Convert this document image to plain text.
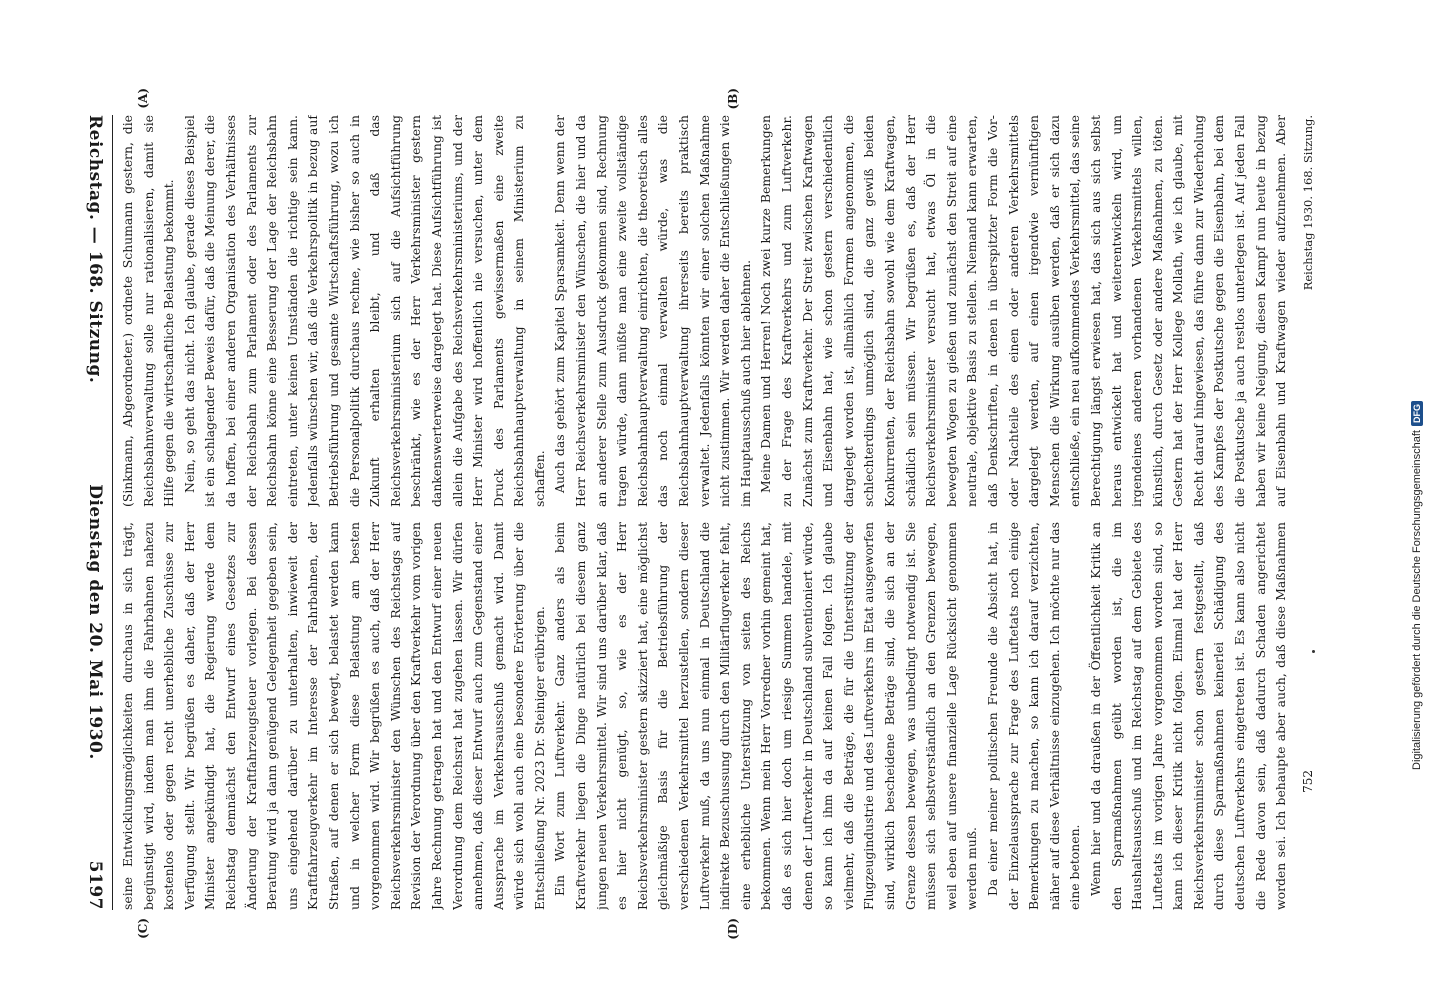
Reichstag. — 168. Sitzung.
Dienstag den 20. Mai 1930.
5197

(Sinkmann, Abgeordneter.) ordnete Schumann gestern, die Reichsbahnverwaltung solle nur rationalisieren, damit sie Hilfe gegen die wirtschaftliche Belastung bekommt. Nein, so geht das nicht. Ich glaube, gerade dieses Beispiel ist ein schlagender Beweis dafür, daß die Meinung derer, die da hoffen, bei einer anderen Organisation des Verhältnisses der Reichsbahn zum Parlament oder des Parlaments zur Reichsbahn könne eine Besserung der Lage der Reichsbahn eintreten, unter keinen Umständen die richtige sein kann. Jedenfalls wünschen wir, daß die Verkehrspolitik in bezug auf Betriebsführung und gesamte Wirtschaftsführung, wozu ich die Personalpolitik durchaus rechne, wie bisher so auch in Zukunft erhalten bleibt, und daß das Reichsverkehrsministerium sich auf die Aufsichtführung beschränkt, wie es der Herr Verkehrsminister gestern dankenswerterweise dargelegt hat. Diese Aufsichtführung ist allein die Aufgabe des Reichsverkehrsministeriums, und der Herr Minister wird hoffentlich nie versuchen, unter dem Druck des Parlaments gewissermaßen eine zweite Reichsbahnhauptverwaltung in seinem Ministerium zu schaffen. Auch das gehört zum Kapitel Sparsamkeit. Denn wenn der Herr Reichsverkehrsminister den Wünschen, die hier und da an anderer Stelle zum Ausdruck gekommen sind, Rechnung tragen würde, dann müßte man eine zweite vollständige Reichsbahnhauptverwaltung einrichten, die theoretisch alles das noch einmal verwalten würde, was die Reichsbahnhauptverwaltung ihrerseits bereits praktisch verwaltet. Jedenfalls könnten wir einer solchen Maßnahme nicht zustimmen. Wir werden daher die Entschließungen wie im Hauptausschuß auch hier ablehnen. Meine Damen und Herren! Noch zwei kurze Bemerkungen zu der Frage des Kraftverkehrs und zum Luftverkehr. Zunächst zum Kraftverkehr. Der Streit zwischen Kraftwagen und Eisenbahn hat, wie schon gestern verschiedentlich dargelegt worden ist, allmählich Formen angenommen, die schlechterdings unmöglich sind, die ganz gewiß beiden Konkurrenten, der Reichsbahn sowohl wie dem Kraftwagen, schädlich sein müssen. Wir begrüßen es, daß der Herr Reichsverkehrsminister versucht hat, etwas Öl in die bewegten Wogen zu gießen und zunächst den Streit auf eine neutrale, objektive Basis zu stellen. Niemand kann erwarten, daß Denkschriften, in denen in überspitzter Form die Vor- oder Nachteile des einen oder anderen Verkehrsmittels dargelegt werden, auf einen irgendwie vernünftigen Menschen die Wirkung ausüben werden, daß er sich dazu entschließe, ein neu aufkommendes Verkehrsmittel, das seine Berechtigung längst erwiesen hat, das sich aus sich selbst heraus entwickelt hat und weiterentwickeln wird, um irgendeines anderen vorhandenen Verkehrsmittels willen, künstlich, durch Gesetz oder andere Maßnahmen, zu töten. Gestern hat der Herr Kollege Mollath, wie ich glaube, mit Recht darauf hingewiesen, das führe dann zur Wiederholung des Kampfes der Postkutsche gegen die Eisenbahn, bei dem die Postkutsche ja auch restlos unterlegen ist. Auf jeden Fall haben wir keine Neigung, diesen Kampf nun heute in bezug auf Eisenbahn und Kraftwagen wieder aufzunehmen. Aber

seine Entwicklungsmöglichkeiten durchaus in sich trägt, begünstigt wird, indem man ihm die Fahrbahnen nahezu kostenlos oder gegen recht unerhebliche Zuschüsse zur Verfügung stellt. Wir begrüßen es daher, daß der Herr Minister angekündigt hat, die Regierung werde dem Reichstag demnächst den Entwurf eines Gesetzes zur Änderung der Kraftfahrzeugsteuer vorlegen. Bei dessen Beratung wird ja dann genügend Gelegenheit gegeben sein, uns eingehend darüber zu unterhalten, inwieweit der Kraftfahrzeugverkehr im Interesse der Fahrbahnen, der Straßen, auf denen er sich bewegt, belastet werden kann und in welcher Form diese Belastung am besten vorgenommen wird. Wir begrüßen es auch, daß der Herr Reichsverkehrsminister den Wünschen des Reichstags auf Revision der Verordnung über den Kraftverkehr vom vorigen Jahre Rechnung getragen hat und den Entwurf einer neuen Verordnung dem Reichsrat hat zugehen lassen. Wir dürfen annehmen, daß dieser Entwurf auch zum Gegenstand einer Aussprache im Verkehrsausschuß gemacht wird. Damit würde sich wohl auch eine besondere Erörterung über die Entschließung Nr. 2023 Dr. Steiniger erübrigen. Ein Wort zum Luftverkehr. Ganz anders als beim Kraftverkehr liegen die Dinge natürlich bei diesem ganz jungen neuen Verkehrsmittel. Wir sind uns darüber klar, daß es hier nicht genügt, so, wie es der Herr Reichsverkehrsminister gestern skizziert hat, eine möglichst gleichmäßige Basis für die Betriebsführung der verschiedenen Verkehrsmittel herzustellen, sondern dieser Luftverkehr muß, da uns nun einmal in Deutschland die indirekte Bezuschussung durch den Militärflugverkehr fehlt, eine erhebliche Unterstützung von seiten des Reichs bekommen. Wenn mein Herr Vorredner vorhin gemeint hat, daß es sich hier doch um riesige Summen handele, mit denen der Luftverkehr in Deutschland subventioniert würde, so kann ich ihm da auf keinen Fall folgen. Ich glaube vielmehr, daß die Beträge, die für die Unterstützung der Flugzeugindustrie und des Luftverkehrs im Etat ausgeworfen sind, wirklich bescheidene Beträge sind, die sich an der Grenze dessen bewegen, was unbedingt notwendig ist. Sie müssen sich selbstverständlich an den Grenzen bewegen, weil eben auf unsere finanzielle Lage Rücksicht genommen werden muß. Da einer meiner politischen Freunde die Absicht hat, in der Einzelaussprache zur Frage des Luftetats noch einige Bemerkungen zu machen, so kann ich darauf verzichten, näher auf diese Verhältnisse einzugehen. Ich möchte nur das eine betonen. Wenn hier und da draußen in der Öffentlichkeit Kritik an den Sparmaßnahmen geübt worden ist, die im Haushaltsausschuß und im Reichstag auf dem Gebiete des Luftetats im vorigen Jahre vorgenommen worden sind, so kann ich dieser Kritik nicht folgen. Einmal hat der Herr Reichsverkehrsminister schon gestern festgestellt, daß durch diese Sparmaßnahmen keinerlei Schädigung des deutschen Luftverkehrs eingetreten ist. Es kann also nicht die Rede davon sein, daß dadurch Schaden angerichtet worden sei. Ich behaupte aber auch, daß diese Maßnahmen

(A)	(B)
(C)	(D)
Reichstag 1930. 168. Sitzung.
752
Digitalisierung gefördert durch die Deutsche Forschungsgemeinschaft
DFG
